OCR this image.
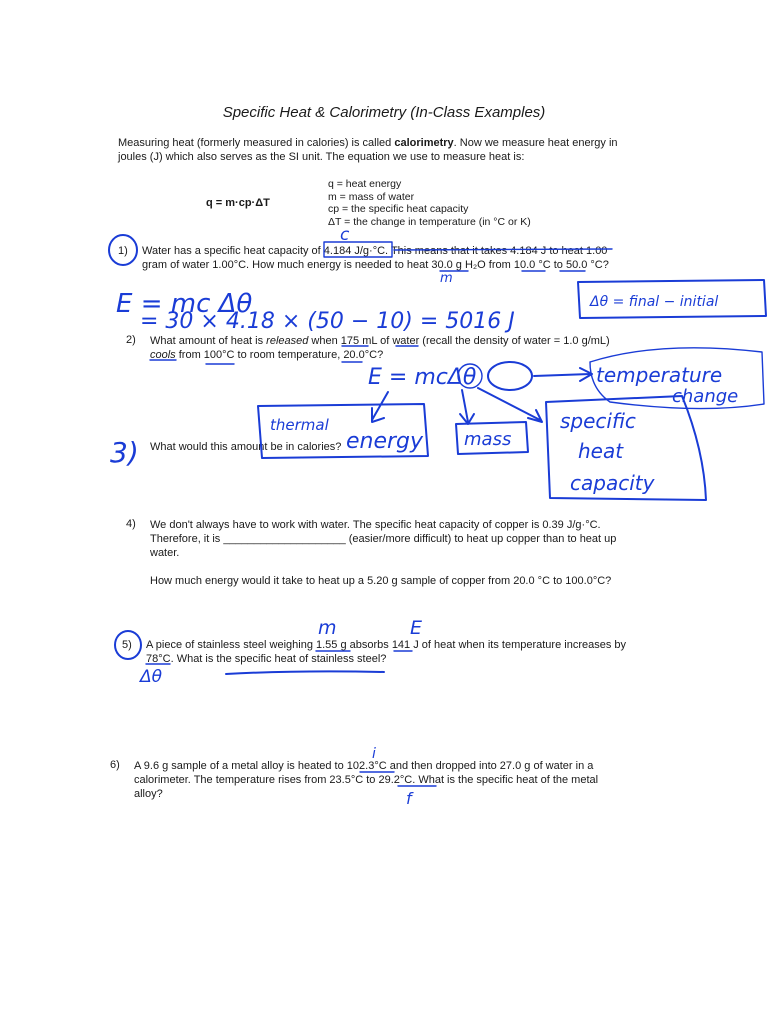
Specific Heat & Calorimetry (In-Class Examples)
Measuring heat (formerly measured in calories) is called calorimetry. Now we measure heat energy in
joules (J) which also serves as the SI unit. The equation we use to measure heat is:
q = m·cp·ΔT
q = heat energy
m = mass of water
cp = the specific heat capacity
ΔT = the change in temperature (in °C or K)
1) Water has a specific heat capacity of 4.184 J/g·°C. This means that it takes 4.184 J to heat 1.00
gram of water 1.00°C. How much energy is needed to heat 30.0 g H₂O from 10.0 °C to 50.0 °C?
2) What amount of heat is released when 175 mL of water (recall the density of water = 1.0 g/mL)
cools from 100°C to room temperature, 20.0°C?
What would this amount be in calories?
4) We don't always have to work with water. The specific heat capacity of copper is 0.39 J/g·°C.
Therefore, it is ____________________ (easier/more difficult) to heat up copper than to heat up
water.
How much energy would it take to heat up a 5.20 g sample of copper from 20.0 °C to 100.0°C?
5) A piece of stainless steel weighing 1.55 g absorbs 141 J of heat when its temperature increases by
78°C. What is the specific heat of stainless steel?
6) A 9.6 g sample of a metal alloy is heated to 102.3°C and then dropped into 27.0 g of water in a
calorimeter. The temperature rises from 23.5°C to 29.2°C. What is the specific heat of the metal
alloy?
c
m
E = mc Δθ
= 30 × 4.18 × (50 − 10) = 5016 J
Δθ = final − initial
E = mcΔθ	temperature
change
thermal
energy mass
specific
heat
capacity
3)
m	E
Δθ
i
f
